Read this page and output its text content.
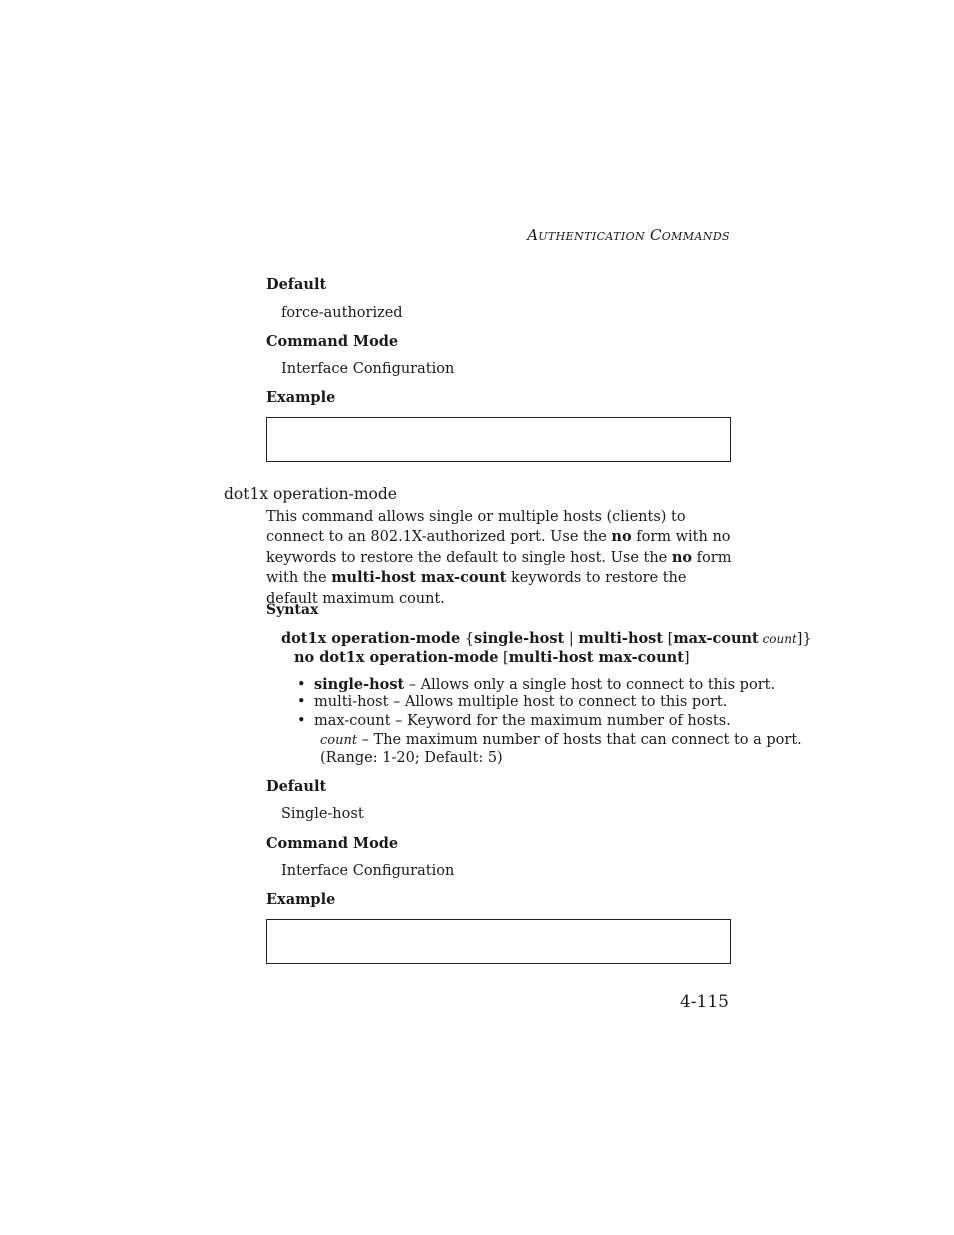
AUTHENTICATION COMMANDS
Default
force-authorized
Command Mode
Interface Configuration
Example
dot1x operation-mode
This command allows single or multiple hosts (clients) to connect to an 802.1X-authorized port. Use the no form with no keywords to restore the default to single host. Use the no form with the multi-host max-count keywords to restore the default maximum count.
Syntax
dot1x operation-mode {single-host | multi-host [max-count count]}
no dot1x operation-mode [multi-host max-count]
• single-host – Allows only a single host to connect to this port.
• multi-host – Allows multiple host to connect to this port.
• max-count – Keyword for the maximum number of hosts.
count – The maximum number of hosts that can connect to a port.
(Range: 1-20; Default: 5)
Default
Single-host
Command Mode
Interface Configuration
Example
4-115
